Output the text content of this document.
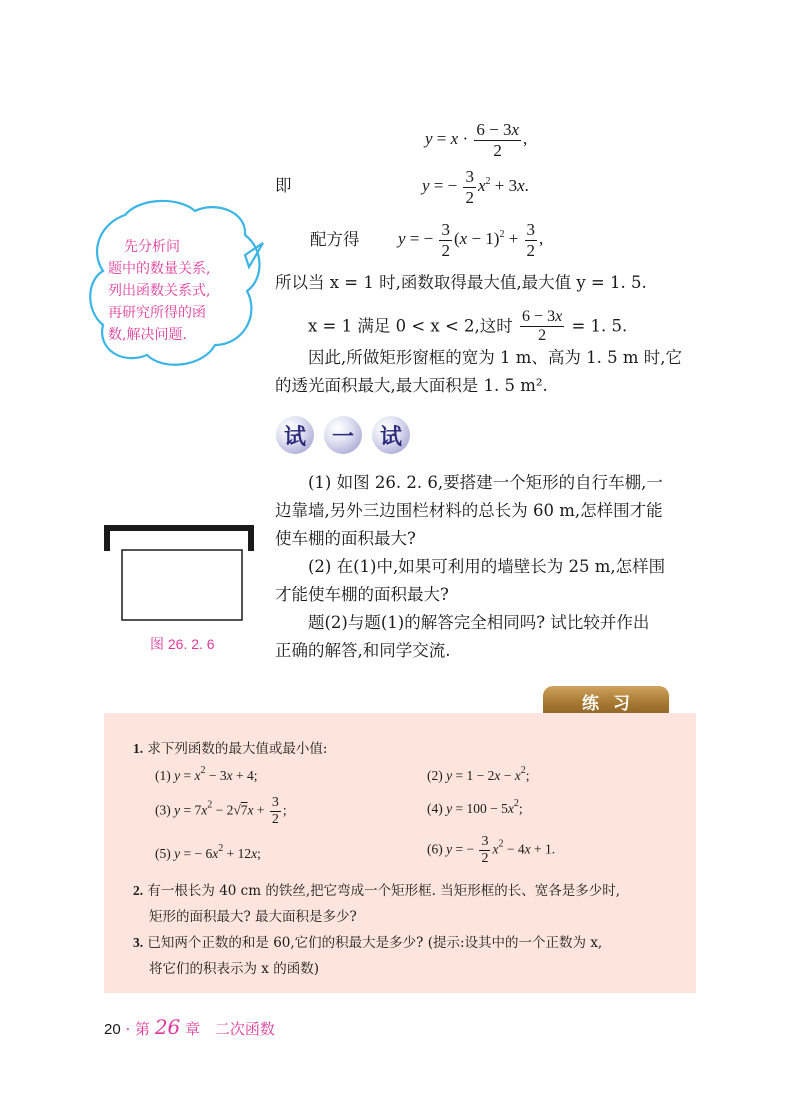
$y = x \cdot \frac{6 - 3x}{2}$ ,
即	y = − $\frac{3}{2} x^2 + 3x$.
配方得 y = − $\frac{3}{2} (x - 1)^2 + \frac{3}{2}$ ,
所以当 x = 1 时,函数取得最大值,最大值 y = 1. 5.
x = 1 满足 0 < x < 2,这时 $\frac{6 - 3x}{2} = 1$. 5.
因此,所做矩形窗框的宽为 1 m、高为 1. 5 m 时,它
的透光面积最大,最大面积是 1. 5 m².
先分析问
题中的数量关系,
列出函数关系式,
再研究所得的函
数,解决问题.
试	一	试
(1) 如图 26. 2. 6,要搭建一个矩形的自行车棚,一
边靠墙,另外三边围栏材料的总长为 60 m,怎样围才能
使车棚的面积最大?
(2) 在(1)中,如果可利用的墙壁长为 25 m,怎样围
才能使车棚的面积最大?
题(2)与题(1)的解答完全相同吗? 试比较并作出
正确的解答,和同学交流.
图 26. 2. 6
练习
1. 求下列函数的最大值或最小值:
(1) $y = x^2 - 3x + 4$;	(2) $y = 1 - 2x - x^2$;
(3) $y = 7x^2 - 2√7x + \frac{3}{2}$ ;	(4) $y = 100 - 5x^2$;
(5) y = − $6x^2 + 12x$;	(6) y = − $\frac{3}{2} x^2 - 4x + 1$.
2. 有一根长为 40 cm 的铁丝,把它弯成一个矩形框. 当矩形框的长、宽各是多少时,
矩形的面积最大? 最大面积是多少?
3. 已知两个正数的和是 60,它们的积最大是多少? (提示:设其中的一个正数为 x,
将它们的积表示为 x 的函数)
20 · 第 26 章 二次函数
